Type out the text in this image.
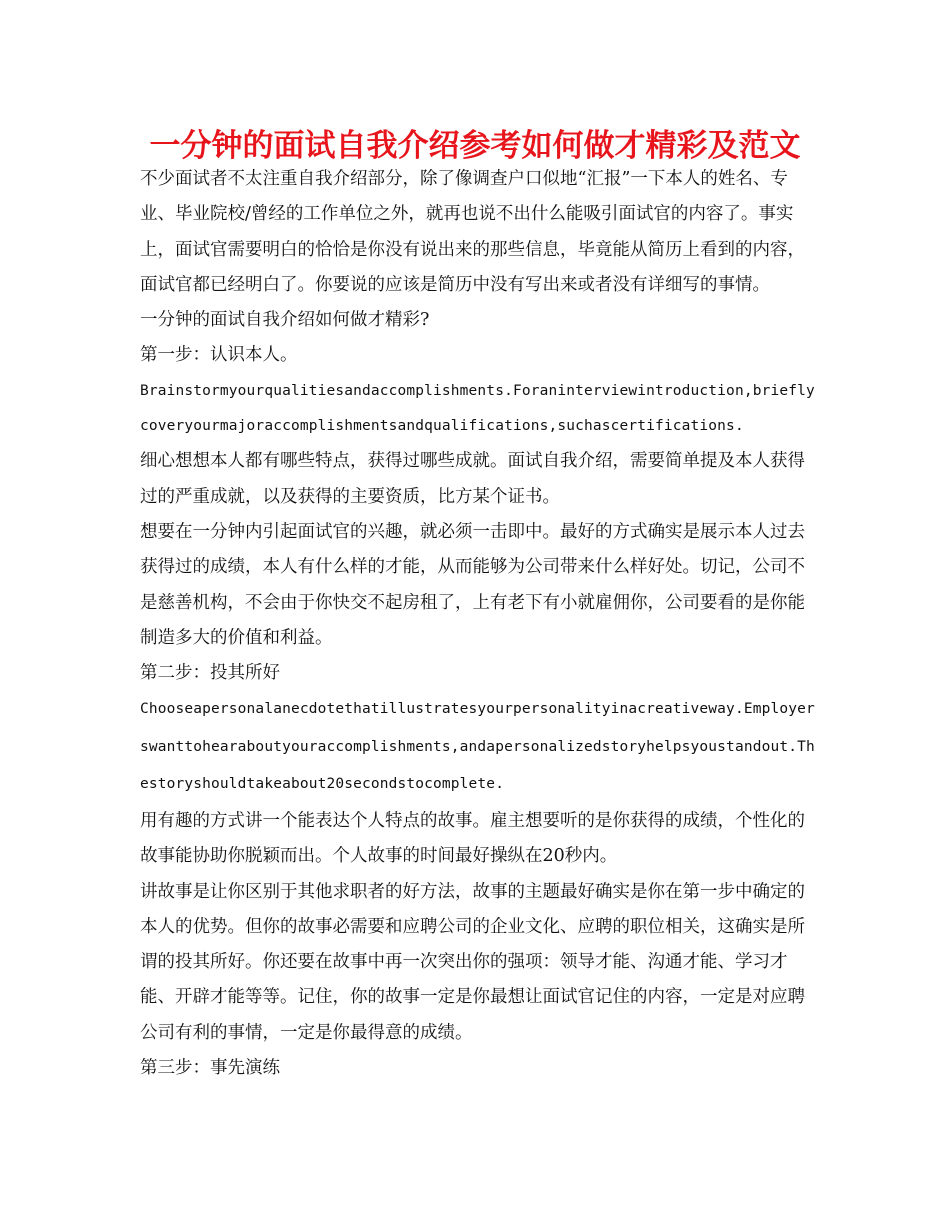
一分钟的面试自我介绍参考如何做才精彩及范文

不少面试者不太注重自我介绍部分，除了像调查户口似地“汇报”一下本人的姓名、专业、毕业院校/曾经的工作单位之外，就再也说不出什么能吸引面试官的内容了。事实上，面试官需要明白的恰恰是你没有说出来的那些信息，毕竟能从简历上看到的内容，面试官都已经明白了。你要说的应该是简历中没有写出来或者没有详细写的事情。

一分钟的面试自我介绍如何做才精彩?

第一步：认识本人。

Brainstormyourqualitiesandaccomplishments.Foraninterviewintroduction,brieflycoveryourmajoraccomplishmentsandqualifications,suchascertifications.

细心想想本人都有哪些特点，获得过哪些成就。面试自我介绍，需要简单提及本人获得过的严重成就，以及获得的主要资质，比方某个证书。

想要在一分钟内引起面试官的兴趣，就必须一击即中。最好的方式确实是展示本人过去获得过的成绩，本人有什么样的才能，从而能够为公司带来什么样好处。切记，公司不是慈善机构，不会由于你快交不起房租了，上有老下有小就雇佣你，公司要看的是你能制造多大的价值和利益。

第二步：投其所好

Chooseapersonalanecdotethatillustratesyourpersonalityinacreativeway.Employerswanttohearaboutyouraccomplishments,andapersonalizedstoryhelpsyoustandout.Thestoryshouldtakeabout20secondstocomplete.

用有趣的方式讲一个能表达个人特点的故事。雇主想要听的是你获得的成绩，个性化的故事能协助你脱颖而出。个人故事的时间最好操纵在20秒内。

讲故事是让你区别于其他求职者的好方法，故事的主题最好确实是你在第一步中确定的本人的优势。但你的故事必需要和应聘公司的企业文化、应聘的职位相关，这确实是所谓的投其所好。你还要在故事中再一次突出你的强项：领导才能、沟通才能、学习才能、开辟才能等等。记住，你的故事一定是你最想让面试官记住的内容，一定是对应聘公司有利的事情，一定是你最得意的成绩。

第三步：事先演练
